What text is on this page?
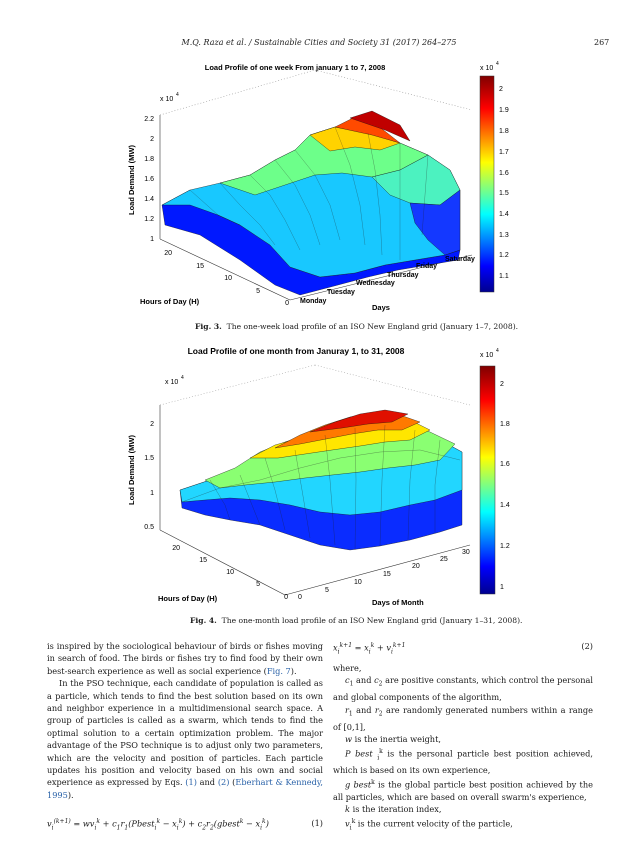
M.Q. Raza et al. / Sustainable Cities and Society 31 (2017) 264–275	267
Load Profile of one week From january 1 to 7, 2008
2.2
2
1.8
1.6
1.4
1.2
1
x 10
4
Load Demand (MW)
20
15
10
5
0
Hours of Day (H)	Monday
Tuesday
Wednesday
Thursday
Friday
Saturday
Days
x 10
4
2
1.9
1.8
1.7
1.6
1.5
1.4
1.3
1.2
1.1
Fig. 3. The one-week load profile of an ISO New England grid (January 1–7, 2008).
Load Profile of one month from Januray 1, to 31, 2008
2
1.5
1
0.5
x 10
4
Load Demand (MW)
20
15
10
5
0
Hours of Day (H)	0
5
10
15
20
25
30
Days of Month
x 10
4
2
1.8
1.6
1.4
1.2
1
Fig. 4. The one-month load profile of an ISO New England grid (January 1–31, 2008).

is inspired by the sociological behaviour of birds or fishes moving in search of food. The birds or fishes try to find food by their own best-search experience as well as social experience (Fig. 7).

In the PSO technique, each candidate of population is called as a particle, which tends to find the best solution based on its own and neighbor experience in a multidimensional search space. A group of particles is called as a swarm, which tends to find the optimal solution to a certain optimization problem. The major advantage of the PSO technique is to adjust only two parameters, which are the velocity and position of particles. Each particle updates his position and velocity based on his own and social experience as expressed by Eqs. (1) and (2) (Eberhart & Kennedy, 1995).

$v_i^{(k+1)} = wv_i^k$ + $c_1r_1(Pbest_i^k - x_i^k)$ + $c_2r_2(gbest^k - x_i^k)$	(1)

$x_i^{k+1} = x_i^k + v_i^{k+1}$	(2)

where,

$c_1$ and $c_2$ are positive constants, which control the personal and global components of the algorithm,

$r_1$ and $r_2$ are randomly generated numbers within a range of [0,1],

w is the inertia weight,

P best $_i^k$ is the personal particle best position achieved, which is based on its own experience,

g best$^k$ is the global particle best position achieved by the all particles, which are based on overall swarm's experience,

k is the iteration index,

$v_i^k$ is the current velocity of the particle,
